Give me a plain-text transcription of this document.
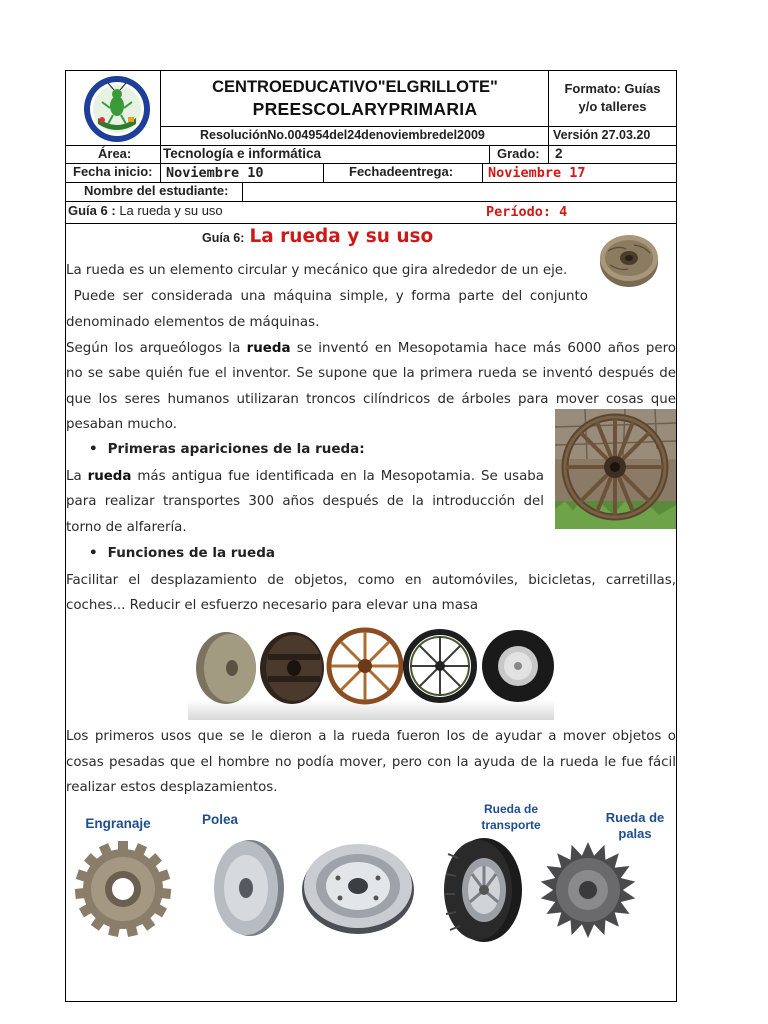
CENTROEDUCATIVO"ELGRILLOTE"
PREESCOLARYPRIMARIA
Formato: Guías
y/o talleres
ResoluciónNo.004954del24denoviembredel2009	Versión 27.03.20
Área: Tecnología e informática	Grado: 2
Fecha inicio: Noviembre 10	Fechadeentrega:	Noviembre 17
Nombre del estudiante:
Guía 6 : La rueda y su uso	Período: 4
Guía 6: La rueda y su uso
La rueda es un elemento circular y mecánico que gira alrededor de un eje.
Puede ser considerada una máquina simple, y forma parte del conjunto
denominado elementos de máquinas.
Según los arqueólogos la rueda se inventó en Mesopotamia hace más 6000 años pero
no se sabe quién fue el inventor. Se supone que la primera rueda se inventó después de
que los seres humanos utilizaran troncos cilíndricos de árboles para mover cosas que
pesaban mucho.
• Primeras apariciones de la rueda:
La rueda más antigua fue identificada en la Mesopotamia. Se usaba
para realizar transportes 300 años después de la introducción del
torno de alfarería.
• Funciones de la rueda
Facilitar el desplazamiento de objetos, como en automóviles, bicicletas, carretillas,
coches... Reducir el esfuerzo necesario para elevar una masa
Los primeros usos que se le dieron a la rueda fueron los de ayudar a mover objetos o
cosas pesadas que el hombre no podía mover, pero con la ayuda de la rueda le fue fácil
realizar estos desplazamientos.
Engranaje	Polea
Rueda de
transporte	Rueda de
palas
